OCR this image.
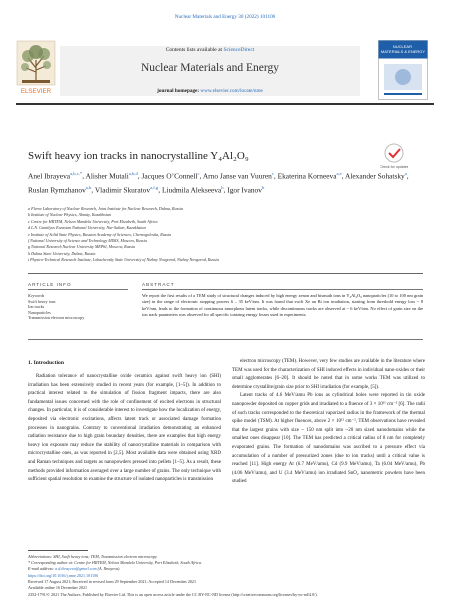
Nuclear Materials and Energy 30 (2022) 101106
ELSEVIER
Contents lists available at ScienceDirect
Nuclear Materials and Energy
journal homepage: www.elsevier.com/locate/nme
NUCLEAR MATERIALS & ENERGY
Swift heavy ion tracks in nanocrystalline Y₄Al₂O₉
Check for updates
Anel Ibrayeva$^{a,b,c,*}$, Alisher Mutali$^{a,b,d}$, Jacques O’Connell$^c$, Arno Janse van Vuuren$^c$, Ekaterina Korneeva$^{a,e}$, Alexander Sohatsky$^a$, Ruslan Rymzhanov$^{a,b}$, Vladimir Skuratov$^{a,f,g}$, Liudmila Alekseeva$^h$, Igor Ivanov$^b$
a Flerov Laboratory of Nuclear Research, Joint Institute for Nuclear Research, Dubna, Russia
b Institute of Nuclear Physics, Almaty, Kazakhstan
c Centre for HRTEM, Nelson Mandela University, Port Elizabeth, South Africa
d L.N. Gumilyov Eurasian National University, Nur-Sultan, Kazakhstan
e Institute of Solid State Physics, Russian Academy of Sciences, Chernogolovka, Russia
f National University of Science and Technology MISIS, Moscow, Russia
g National Research Nuclear University MEPhI, Moscow, Russia
h Dubna State University, Dubna, Russia
i Physico-Technical Research Institute, Lobachevsky State University of Nizhny Novgorod, Nizhny Novgorod, Russia
ARTICLE INFO	ABSTRACT
Keywords
Swift heavy ions
Ion tracks
Nanoparticles
Transmission electron microscopy
We report the first results of a TEM study of structural changes induced by high energy xenon and bismuth ions in Y₄Al₂O₉ nanoparticles (10 to 100 nm grain size) in the range of electronic stopping powers 6 – 35 keV/nm. It was found that swift Xe an Bi ion irradiation, starting from threshold energy loss ~ 8 keV/nm, leads to the formation of continuous amorphous latent tracks, while discontinuous tracks are observed at ~ 6 keV/nm. No effect of grain size on the ion track parameters was observed for all specific ionizing energy losses used in experiments.
1. Introduction

Radiation tolerance of nanocrystalline oxide ceramics against swift heavy ion (SHI) irradiation has been extensively studied in recent years (for example, [1–5]). In addition to practical interest related to the simulation of fission fragment impacts, there are also fundamental issues concerned with the role of confinement of excited electrons in structural changes. In particular, it is of considerable interest to investigate how the localization of energy, deposited via electronic excitations, affects latent track or associated damage formation processes in nanograins. Contrary to conventional irradiation demonstrating an enhanced radiation resistance due to high grain boundary densities, there are examples that high energy heavy ion exposure may reduce the stability of nanocrystalline materials in comparison with microcrystalline ones, as was reported in [2,5]. Most available data were obtained using XRD and Raman techniques and targets as nanopowders pressed into pellets [1–5]. As a result, these methods provided information averaged over a large number of grains. The only technique with sufficient spatial resolution to examine the structure of isolated nanoparticles is transmission

electron microscopy (TEM). However, very few studies are available in the literature where TEM was used for the characterization of SHI induced effects in individual nano-oxides or their small agglomerates [6–20]. It should be noted that in some works TEM was utilized to determine crystallite/grain size prior to SHI irradiation (for example, [5]).

Latent tracks of 4.6 MeV/amu Pb ions as cylindrical holes were reported in tin oxide nanopowder deposited on copper grids and irradiated to a fluence of 3 × 10¹¹ cm⁻² [6]. The radii of such tracks corresponded to the theoretical vaporized radius in the framework of the thermal spike model (TSM). At higher fluences, above 2 × 10¹² cm⁻², TEM observations have revealed that the largest grains with size ~ 150 nm split into ~20 nm sized nanodomains while the smallest ones disappear [10]. The TEM has predicted a critical radius of 8 nm for completely evaporated grains. The formation of nanodomains was ascribed to a pressure effect via accumulation of a number of pressurized zones (due to ion tracks) until a critical value is reached [11]. High energy Ar (6.7 MeV/amu), Cd (9.9 MeV/amu), Ta (6.04 MeV/amu), Pb (4.06 MeV/amu), and U (3.4 MeV/amu) ion irradiated SnO₂ nanometric powders have been studied

Abbreviations: SHI, Swift heavy ions; TEM, Transmission electron microscopy.
* Corresponding author at: Centre for HRTEM, Nelson Mandela University, Port Elizabeth, South Africa.
E-mail address: a.d.ibrayeva@gmail.com (A. Ibrayeva).
https://doi.org/10.1016/j.nme.2021.101106
Received 17 August 2021; Received in revised form 29 September 2021; Accepted 14 December 2021
Available online 16 December 2021
2352-1791/© 2021 The Authors. Published by Elsevier Ltd. This is an open access article under the CC BY-NC-ND license (http://creativecommons.org/licenses/by-nc-nd/4.0/).
